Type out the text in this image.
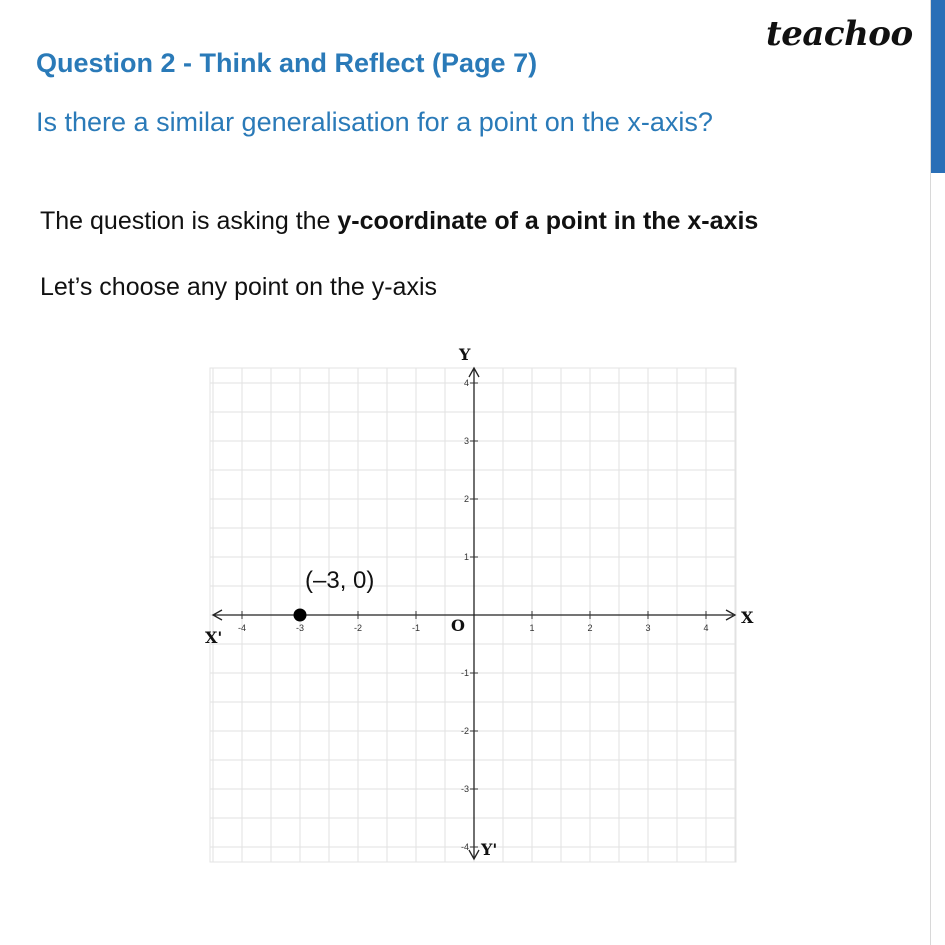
teachoo
Question 2 - Think and Reflect (Page 7)
Is there a similar generalisation for a point on the x-axis?
The question is asking the y-coordinate of a point in the x-axis
Let’s choose any point on the y-axis
-4	-3	-2	-1	1	2	3	4
4
3
2
1
-1
-2
-3
-4
Y
Y'
X
X'
O
(–3, 0)
